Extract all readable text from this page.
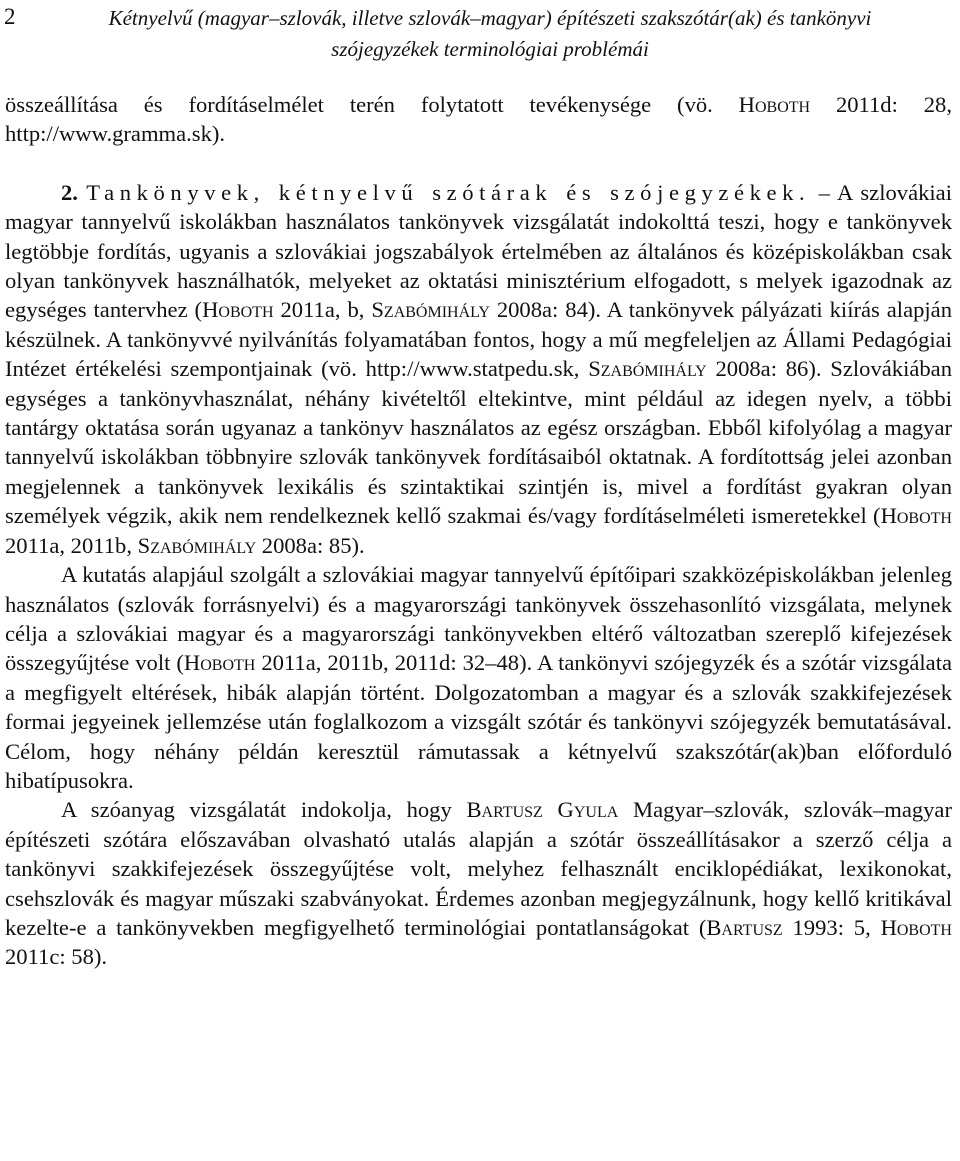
2	Kétnyelvű (magyar–szlovák, illetve szlovák–magyar) építészeti szakszótár(ak) és tankönyvi szójegyzékek terminológiai problémái

összeállítása és fordításelmélet terén folytatott tevékenysége (vö. Hoboth 2011d: 28, http://www.gramma.sk).

2. Tankönyvek, kétnyelvű szótárak és szójegyzékek. – A szlovákiai magyar tannyelvű iskolákban használatos tankönyvek vizsgálatát indokolttá teszi, hogy e tankönyvek legtöbbje fordítás, ugyanis a szlovákiai jogszabályok értelmében az általános és középiskolákban csak olyan tankönyvek használhatók, melyeket az oktatási minisztérium elfogadott, s melyek igazodnak az egységes tantervhez (Hoboth 2011a, b, Szabómihály 2008a: 84). A tankönyvek pályázati kiírás alapján készülnek. A tankönyvvé nyilvánítás folyamatában fontos, hogy a mű megfeleljen az Állami Pedagógiai Intézet értékelési szempontjainak (vö. http://www.statpedu.sk, Szabómihály 2008a: 86). Szlovákiában egységes a tankönyvhasználat, néhány kivételtől eltekintve, mint például az idegen nyelv, a többi tantárgy oktatása során ugyanaz a tankönyv használatos az egész országban. Ebből kifolyólag a magyar tannyelvű iskolákban többnyire szlovák tankönyvek fordításaiból oktatnak. A fordítottság jelei azonban megjelennek a tankönyvek lexikális és szintaktikai szintjén is, mivel a fordítást gyakran olyan személyek végzik, akik nem rendelkeznek kellő szakmai és/vagy fordításelméleti ismeretekkel (Hoboth 2011a, 2011b, Szabómihály 2008a: 85).

A kutatás alapjául szolgált a szlovákiai magyar tannyelvű építőipari szakközépiskolákban jelenleg használatos (szlovák forrásnyelvi) és a magyarországi tankönyvek összehasonlító vizsgálata, melynek célja a szlovákiai magyar és a magyarországi tankönyvekben eltérő változatban szereplő kifejezések összegyűjtése volt (Hoboth 2011a, 2011b, 2011d: 32–48). A tankönyvi szójegyzék és a szótár vizsgálata a megfigyelt eltérések, hibák alapján történt. Dolgozatomban a magyar és a szlovák szakkifejezések formai jegyeinek jellemzése után foglalkozom a vizsgált szótár és tankönyvi szójegyzék bemutatásával. Célom, hogy néhány példán keresztül rámutassak a kétnyelvű szakszótár(ak)ban előforduló hibatípusokra.

A szóanyag vizsgálatát indokolja, hogy Bartusz Gyula Magyar–szlovák, szlovák–magyar építészeti szótára előszavában olvasható utalás alapján a szótár összeállításakor a szerző célja a tankönyvi szakkifejezések összegyűjtése volt, melyhez felhasznált enciklopédiákat, lexikonokat, csehszlovák és magyar műszaki szabványokat. Érdemes azonban megjegyzálnunk, hogy kellő kritikával kezelte-e a tankönyvekben megfigyelhető terminológiai pontatlanságokat (Bartusz 1993: 5, Hoboth 2011c: 58).
